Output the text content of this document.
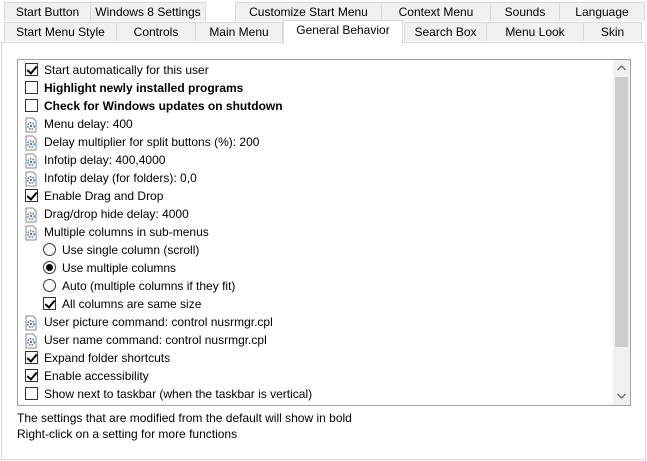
Start Button	Windows 8 Settings	Customize Start Menu	Context Menu	Sounds	Language
Start Menu Style	Controls	Main Menu	General Behavior	Search Box	Menu Look	Skin
Start automatically for this user
Highlight newly installed programs
Check for Windows updates on shutdown
Menu delay: 400
Delay multiplier for split buttons (%): 200
Infotip delay: 400,4000
Infotip delay (for folders): 0,0
Enable Drag and Drop
Drag/drop hide delay: 4000
Multiple columns in sub-menus
Use single column (scroll)
Use multiple columns
Auto (multiple columns if they fit)
All columns are same size
User picture command: control nusrmgr.cpl
User name command: control nusrmgr.cpl
Expand folder shortcuts
Enable accessibility
Show next to taskbar (when the taskbar is vertical)
The settings that are modified from the default will show in bold
Right-click on a setting for more functions
